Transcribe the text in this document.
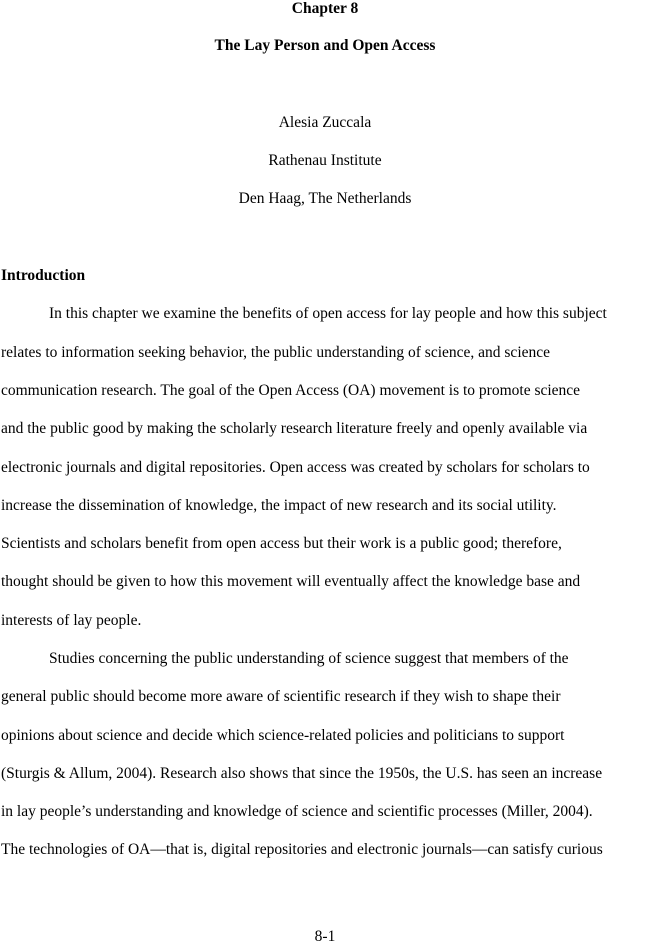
Chapter 8
The Lay Person and Open Access
Alesia Zuccala
Rathenau Institute
Den Haag, The Netherlands
Introduction
In this chapter we examine the benefits of open access for lay people and how this subject
relates to information seeking behavior, the public understanding of science, and science
communication research. The goal of the Open Access (OA) movement is to promote science
and the public good by making the scholarly research literature freely and openly available via
electronic journals and digital repositories. Open access was created by scholars for scholars to
increase the dissemination of knowledge, the impact of new research and its social utility.
Scientists and scholars benefit from open access but their work is a public good; therefore,
thought should be given to how this movement will eventually affect the knowledge base and
interests of lay people.
Studies concerning the public understanding of science suggest that members of the
general public should become more aware of scientific research if they wish to shape their
opinions about science and decide which science-related policies and politicians to support
(Sturgis & Allum, 2004). Research also shows that since the 1950s, the U.S. has seen an increase
in lay people’s understanding and knowledge of science and scientific processes (Miller, 2004).
The technologies of OA—that is, digital repositories and electronic journals—can satisfy curious
8-1
